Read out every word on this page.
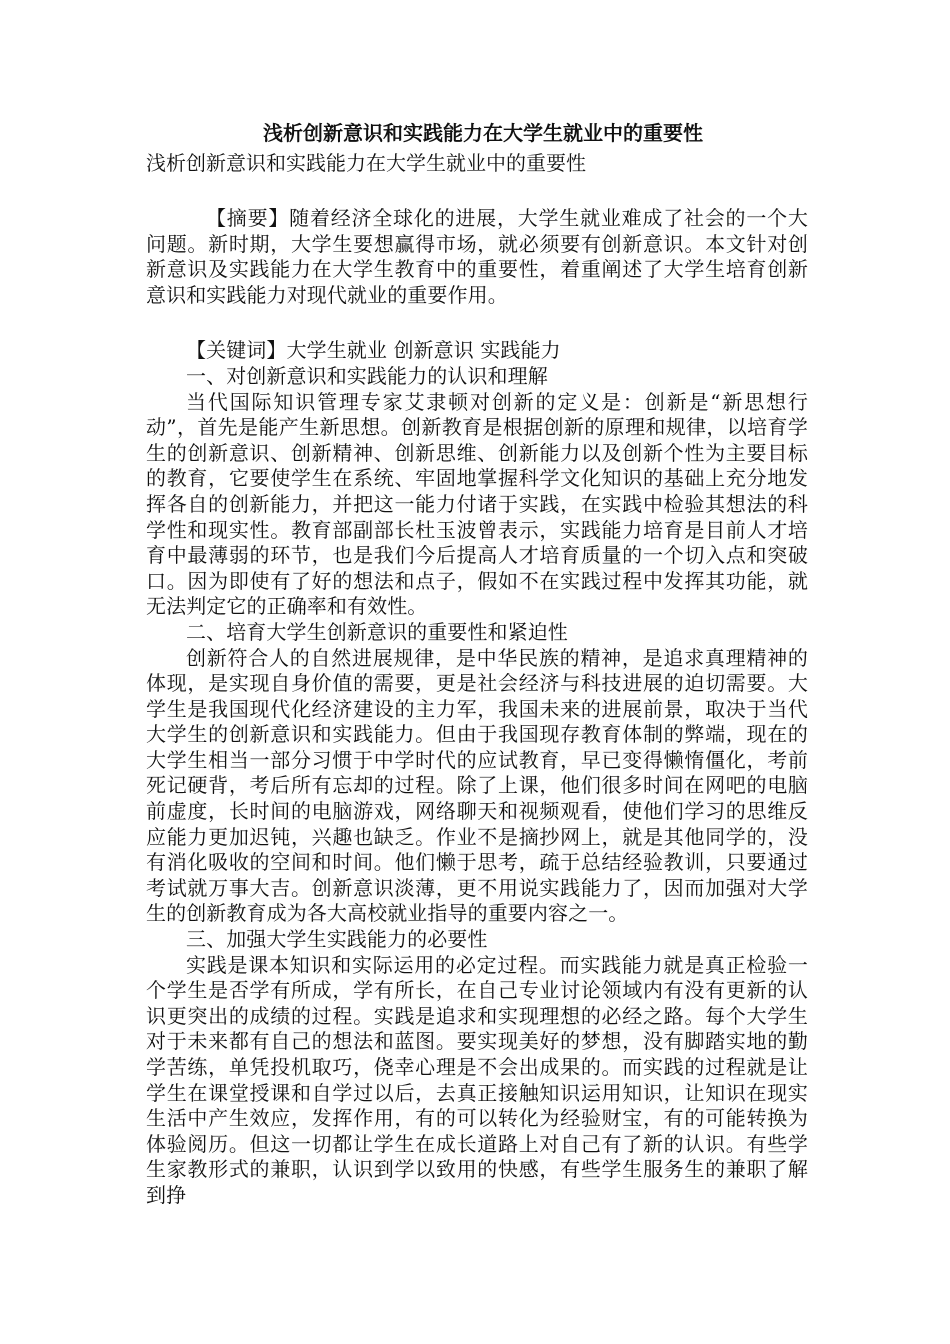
浅析创新意识和实践能力在大学生就业中的重要性

浅析创新意识和实践能力在大学生就业中的重要性

【摘要】随着经济全球化的进展，大学生就业难成了社会的一个大问题。新时期，大学生要想赢得市场，就必须要有创新意识。本文针对创新意识及实践能力在大学生教育中的重要性，着重阐述了大学生培育创新意识和实践能力对现代就业的重要作用。

【关键词】大学生就业 创新意识 实践能力

一、对创新意识和实践能力的认识和理解

当代国际知识管理专家艾隶顿对创新的定义是：创新是“新思想行动”，首先是能产生新思想。创新教育是根据创新的原理和规律，以培育学生的创新意识、创新精神、创新思维、创新能力以及创新个性为主要目标的教育，它要使学生在系统、牢固地掌握科学文化知识的基础上充分地发挥各自的创新能力，并把这一能力付诸于实践，在实践中检验其想法的科学性和现实性。教育部副部长杜玉波曾表示，实践能力培育是目前人才培育中最薄弱的环节，也是我们今后提高人才培育质量的一个切入点和突破口。因为即使有了好的想法和点子，假如不在实践过程中发挥其功能，就无法判定它的正确率和有效性。

二、培育大学生创新意识的重要性和紧迫性

创新符合人的自然进展规律，是中华民族的精神，是追求真理精神的体现，是实现自身价值的需要，更是社会经济与科技进展的迫切需要。大学生是我国现代化经济建设的主力军，我国未来的进展前景，取决于当代大学生的创新意识和实践能力。但由于我国现存教育体制的弊端，现在的大学生相当一部分习惯于中学时代的应试教育，早已变得懒惰僵化，考前死记硬背，考后所有忘却的过程。除了上课，他们很多时间在网吧的电脑前虚度，长时间的电脑游戏，网络聊天和视频观看，使他们学习的思维反应能力更加迟钝，兴趣也缺乏。作业不是摘抄网上，就是其他同学的，没有消化吸收的空间和时间。他们懒于思考，疏于总结经验教训，只要通过考试就万事大吉。创新意识淡薄，更不用说实践能力了，因而加强对大学生的创新教育成为各大高校就业指导的重要内容之一。

三、加强大学生实践能力的必要性

实践是课本知识和实际运用的必定过程。而实践能力就是真正检验一个学生是否学有所成，学有所长，在自己专业讨论领域内有没有更新的认识更突出的成绩的过程。实践是追求和实现理想的必经之路。每个大学生对于未来都有自己的想法和蓝图。要实现美好的梦想，没有脚踏实地的勤学苦练，单凭投机取巧，侥幸心理是不会出成果的。而实践的过程就是让学生在课堂授课和自学过以后，去真正接触知识运用知识，让知识在现实生活中产生效应，发挥作用，有的可以转化为经验财宝，有的可能转换为体验阅历。但这一切都让学生在成长道路上对自己有了新的认识。有些学生家教形式的兼职，认识到学以致用的快感，有些学生服务生的兼职了解到挣
